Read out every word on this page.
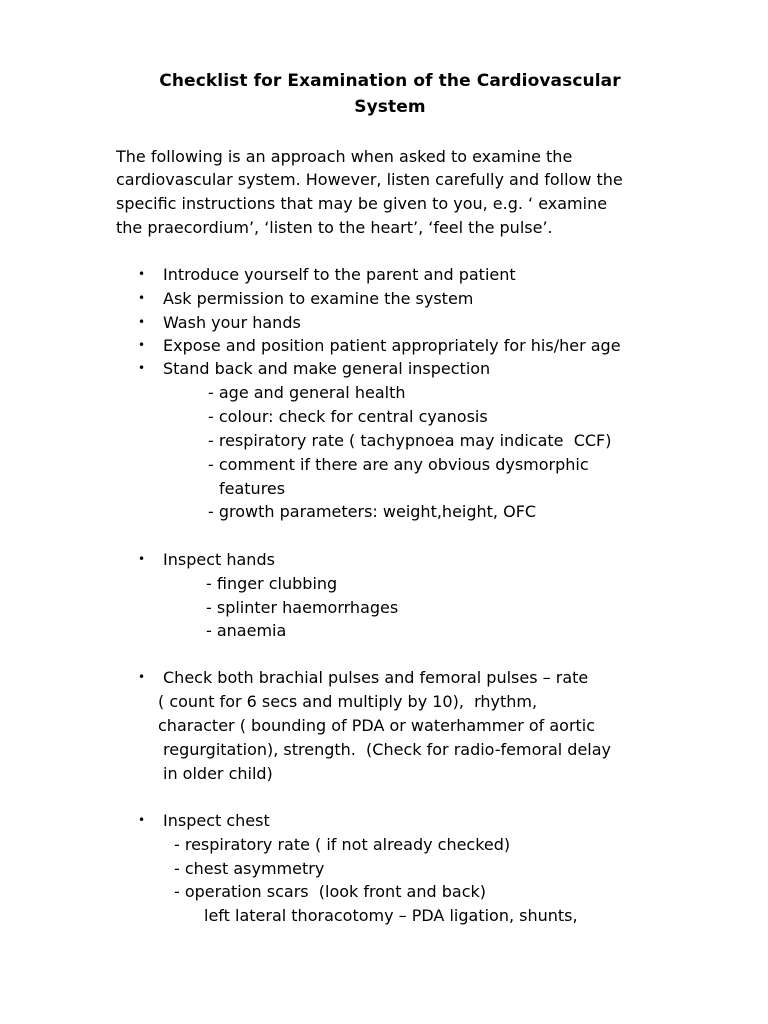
Checklist for Examination of the Cardiovascular
System
The following is an approach when asked to examine the
cardiovascular system. However, listen carefully and follow the
specific instructions that may be given to you, e.g. ‘ examine
the praecordium’, ‘listen to the heart’, ‘feel the pulse’.
• Introduce yourself to the parent and patient
• Ask permission to examine the system
• Wash your hands
• Expose and position patient appropriately for his/her age
• Stand back and make general inspection
- age and general health
- colour: check for central cyanosis
- respiratory rate ( tachypnoea may indicate  CCF)
- comment if there are any obvious dysmorphic
features
- growth parameters: weight,height, OFC
• Inspect hands
- finger clubbing
- splinter haemorrhages
- anaemia
• Check both brachial pulses and femoral pulses – rate
( count for 6 secs and multiply by 10),  rhythm,
character ( bounding of PDA or waterhammer of aortic
regurgitation), strength.  (Check for radio-femoral delay
in older child)
• Inspect chest
- respiratory rate ( if not already checked)
- chest asymmetry
- operation scars  (look front and back)
left lateral thoracotomy – PDA ligation, shunts,
